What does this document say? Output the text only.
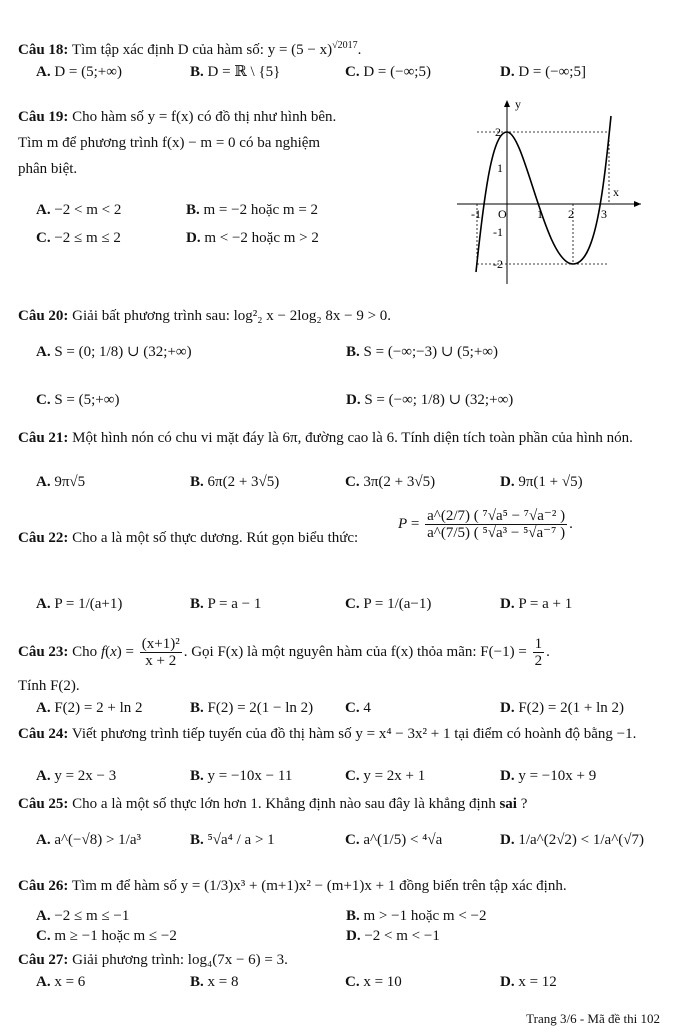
Câu 18: Tìm tập xác định D của hàm số: $y = (5 - x)^{√2017}$.
A. D = (5;+∞)	B. D = ℝ \ {5}	C. D = (−∞;5)	D. D = (−∞;5]
Câu 19: Cho hàm số y = f(x) có đồ thị như hình bên.
Tìm m để phương trình f(x) − m = 0 có ba nghiệm
phân biệt.
A. −2 < m < 2	B. m = −2 hoặc m = 2
C. −2 ≤ m ≤ 2	D. m < −2 hoặc m > 2
y
x
O
-1	1 2 3
2
1
-1
-2
Câu 20: Giải bất phương trình sau: log²₂ x − 2log₂ 8x − 9 > 0.
A. S = (0; 1/8) ∪ (32;+∞)	B. S = (−∞;−3) ∪ (5;+∞)
C. S = (5;+∞)	D. S = (−∞; 1/8) ∪ (32;+∞)
Câu 21: Một hình nón có chu vi mặt đáy là 6π, đường cao là 6. Tính diện tích toàn phần của hình nón.
A. 9π√5	B. 6π(2 + 3√5)	C. 3π(2 + 3√5)	D. 9π(1 + √5)
Câu 22: Cho a là một số thực dương. Rút gọn biểu thức:
$P = \frac{\text{a\textasciicircum{}(2/7) ( ⁷√a⁵ − ⁷√a⁻² )}}{\text{a\textasciicircum{}(7/5) ( ⁵√a³ − ⁵√a⁻⁷ )}}$ .
A. P = 1/(a+1)	B. P = a − 1	C. P = 1/(a−1)	D. P = a + 1
Câu 23: Cho $f(x) = \frac{\text{(x+1)²}}{x + 2}$ . Gọi F(x) là một nguyên hàm của f(x) thỏa mãn: $F(-1) = \frac{1}{2}$ .
Tính F(2).
A. F(2) = 2 + ln 2	B. F(2) = 2(1 − ln 2) C. 4	D. F(2) = 2(1 + ln 2)
Câu 24: Viết phương trình tiếp tuyến của đồ thị hàm số y = x⁴ − 3x² + 1 tại điểm có hoành độ bằng −1.
A. y = 2x − 3	B. y = −10x − 11	C. y = 2x + 1	D. y = −10x + 9
Câu 25: Cho a là một số thực lớn hơn 1. Khẳng định nào sau đây là khẳng định sai ?
A. a^(−√8) > 1/a³	B. ⁵√a⁴ / a > 1	C. a^(1/5) < ⁴√a	D. 1/a^(2√2) < 1/a^(√7)
Câu 26: Tìm m để hàm số y = (1/3)x³ + (m+1)x² − (m+1)x + 1 đồng biến trên tập xác định.
A. −2 ≤ m ≤ −1	B. m > −1 hoặc m < −2
C. m ≥ −1 hoặc m ≤ −2	D. −2 < m < −1
Câu 27: Giải phương trình: log₄(7x − 6) = 3.
A. x = 6	B. x = 8	C. x = 10	D. x = 12
Trang 3/6 - Mã đề thi 102
